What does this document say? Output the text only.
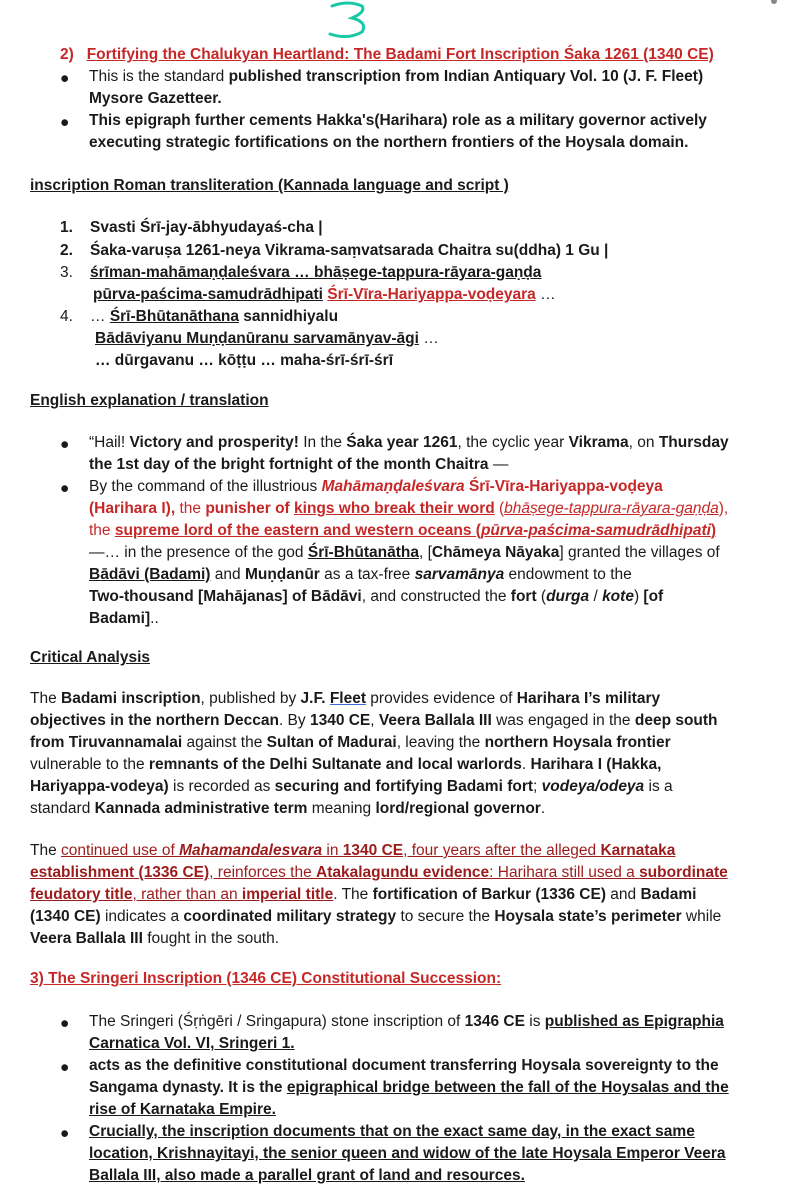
2) Fortifying the Chalukyan Heartland: The Badami Fort Inscription Śaka 1261 (1340 CE)
● This is the standard published transcription from Indian Antiquary Vol. 10 (J. F. Fleet)
Mysore Gazetteer.
● This epigraph further cements Hakka's(Harihara) role as a military governor actively executing strategic fortifications on the northern frontiers of the Hoysala domain.
inscription Roman transliteration (Kannada language and script )
1. Svasti Śrī-jay-ābhyudayaś-cha |
2. Śaka-varuṣa 1261-neya Vikrama-saṃvatsarada Chaitra su(ddha) 1 Gu |
3. śrīman-mahāmaṇḍaleśvara … bhāṣege-tappura-rāyara-gaṇḍa
pūrva-paścima-samudrādhipati Śrī-Vīra-Hariyappa-voḍeyara …
4. … Śrī-Bhūtanāthana sannidhiyalu
Bādāviyanu Muṇḍanūranu sarvamānyav-āgi …
… dūrgavanu … kōṭṭu … maha-śrī-śrī-śrī
English explanation / translation
● “Hail! Victory and prosperity! In the Śaka year 1261, the cyclic year Vikrama, on Thursday
the 1st day of the bright fortnight of the month Chaitra —
● By the command of the illustrious Mahāmaṇḍaleśvara Śrī-Vīra-Hariyappa-voḍeya
(Harihara I), the punisher of kings who break their word (bhāṣege-tappura-rāyara-gaṇḍa),
the supreme lord of the eastern and western oceans (pūrva-paścima-samudrādhipati)
—… in the presence of the god Śrī-Bhūtanātha, [Chāmeya Nāyaka] granted the villages of
Bādāvi (Badami) and Muṇḍanūr as a tax-free sarvamānya endowment to the
Two-thousand [Mahājanas] of Bādāvi, and constructed the fort (durga / kote) [of
Badami]..
Critical Analysis
The Badami inscription, published by J.F. Fleet provides evidence of Harihara I’s military
objectives in the northern Deccan. By 1340 CE, Veera Ballala III was engaged in the deep south
from Tiruvannamalai against the Sultan of Madurai, leaving the northern Hoysala frontier
vulnerable to the remnants of the Delhi Sultanate and local warlords. Harihara I (Hakka,
Hariyappa-vodeya) is recorded as securing and fortifying Badami fort; vodeya/odeya is a
standard Kannada administrative term meaning lord/regional governor.
The continued use of Mahamandalesvara in 1340 CE, four years after the alleged Karnataka
establishment (1336 CE), reinforces the Atakalagundu evidence: Harihara still used a subordinate
feudatory title, rather than an imperial title. The fortification of Barkur (1336 CE) and Badami
(1340 CE) indicates a coordinated military strategy to secure the Hoysala state’s perimeter while
Veera Ballala III fought in the south.
3) The Sringeri Inscription (1346 CE) Constitutional Succession:
● The Sringeri (Śṛṅgēri / Sringapura) stone inscription of 1346 CE is published as Epigraphia
Carnatica Vol. VI, Sringeri 1.
● acts as the definitive constitutional document transferring Hoysala sovereignty to the
Sangama dynasty. It is the epigraphical bridge between the fall of the Hoysalas and the
rise of Karnataka Empire.
● Crucially, the inscription documents that on the exact same day, in the exact same
location, Krishnayitayi, the senior queen and widow of the late Hoysala Emperor Veera
Ballala III, also made a parallel grant of land and resources.
